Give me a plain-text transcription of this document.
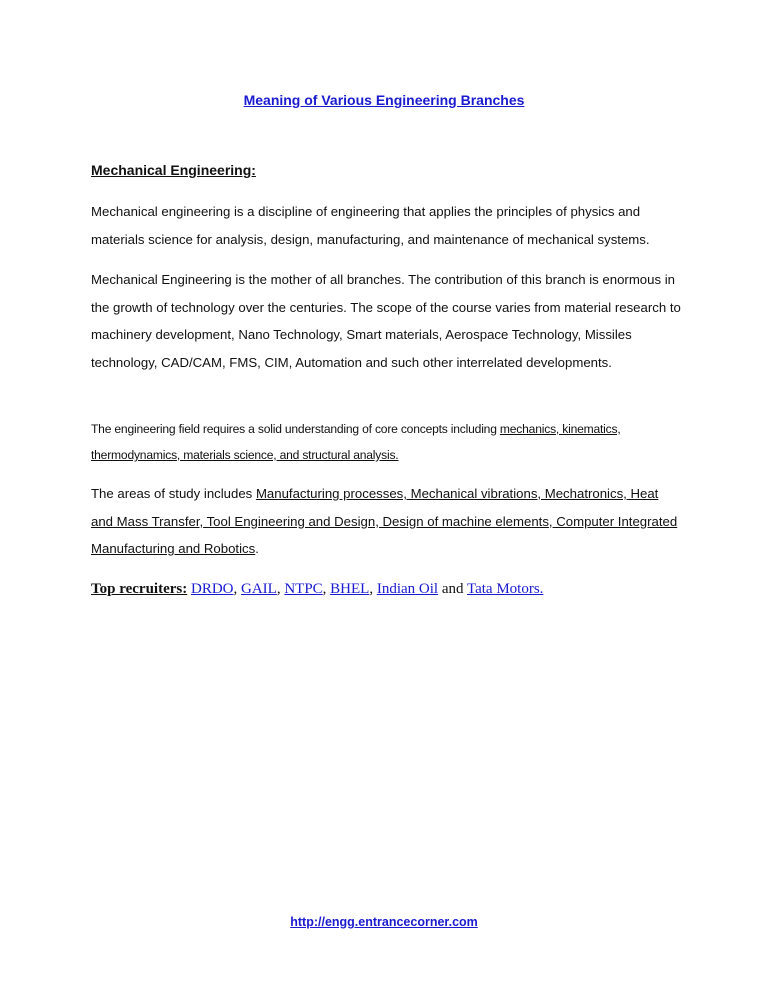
Meaning of Various Engineering Branches
Mechanical Engineering:

Mechanical engineering is a discipline of engineering that applies the principles of physics and materials science for analysis, design, manufacturing, and maintenance of mechanical systems.

Mechanical Engineering is the mother of all branches. The contribution of this branch is enormous in the growth of technology over the centuries. The scope of the course varies from material research to machinery development, Nano Technology, Smart materials, Aerospace Technology, Missiles technology, CAD/CAM, FMS, CIM, Automation and such other interrelated developments.

The engineering field requires a solid understanding of core concepts including mechanics, kinematics, thermodynamics, materials science, and structural analysis.

The areas of study includes Manufacturing processes, Mechanical vibrations, Mechatronics, Heat and Mass Transfer, Tool Engineering and Design, Design of machine elements, Computer Integrated Manufacturing and Robotics.

Top recruiters: DRDO, GAIL, NTPC, BHEL, Indian Oil and Tata Motors.
http://engg.entrancecorner.com
